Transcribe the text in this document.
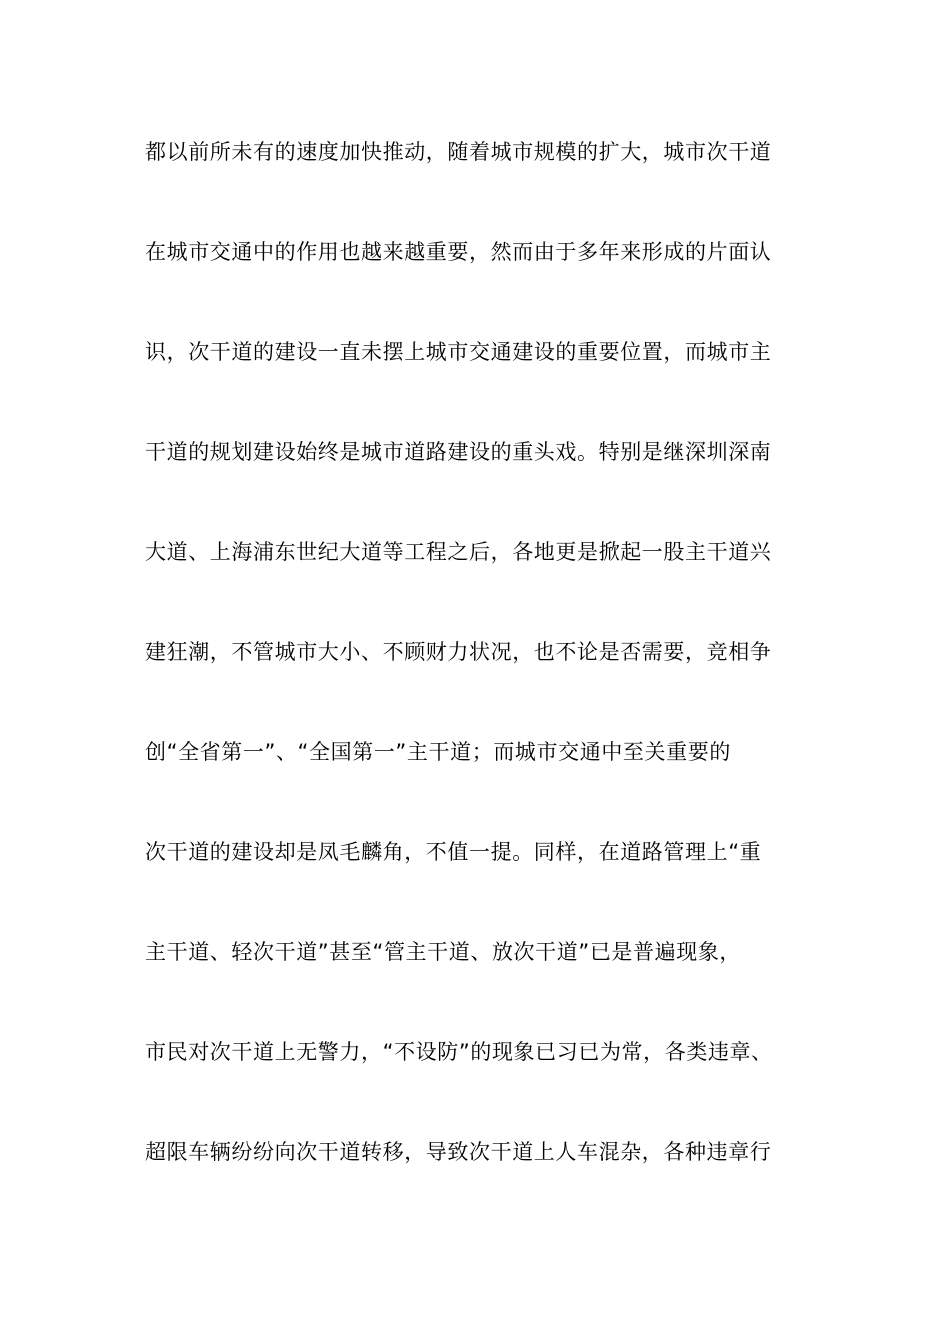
都以前所未有的速度加快推动，随着城市规模的扩大，城市次干道
在城市交通中的作用也越来越重要，然而由于多年来形成的片面认
识，次干道的建设一直未摆上城市交通建设的重要位置，而城市主
干道的规划建设始终是城市道路建设的重头戏。特别是继深圳深南
大道、上海浦东世纪大道等工程之后，各地更是掀起一股主干道兴
建狂潮，不管城市大小、不顾财力状况，也不论是否需要，竞相争
创“全省第一”、“全国第一”主干道；而城市交通中至关重要的
次干道的建设却是凤毛麟角，不值一提。同样，在道路管理上“重
主干道、轻次干道”甚至“管主干道、放次干道”已是普遍现象，
市民对次干道上无警力，“不设防”的现象已习已为常，各类违章、
超限车辆纷纷向次干道转移，导致次干道上人车混杂，各种违章行
